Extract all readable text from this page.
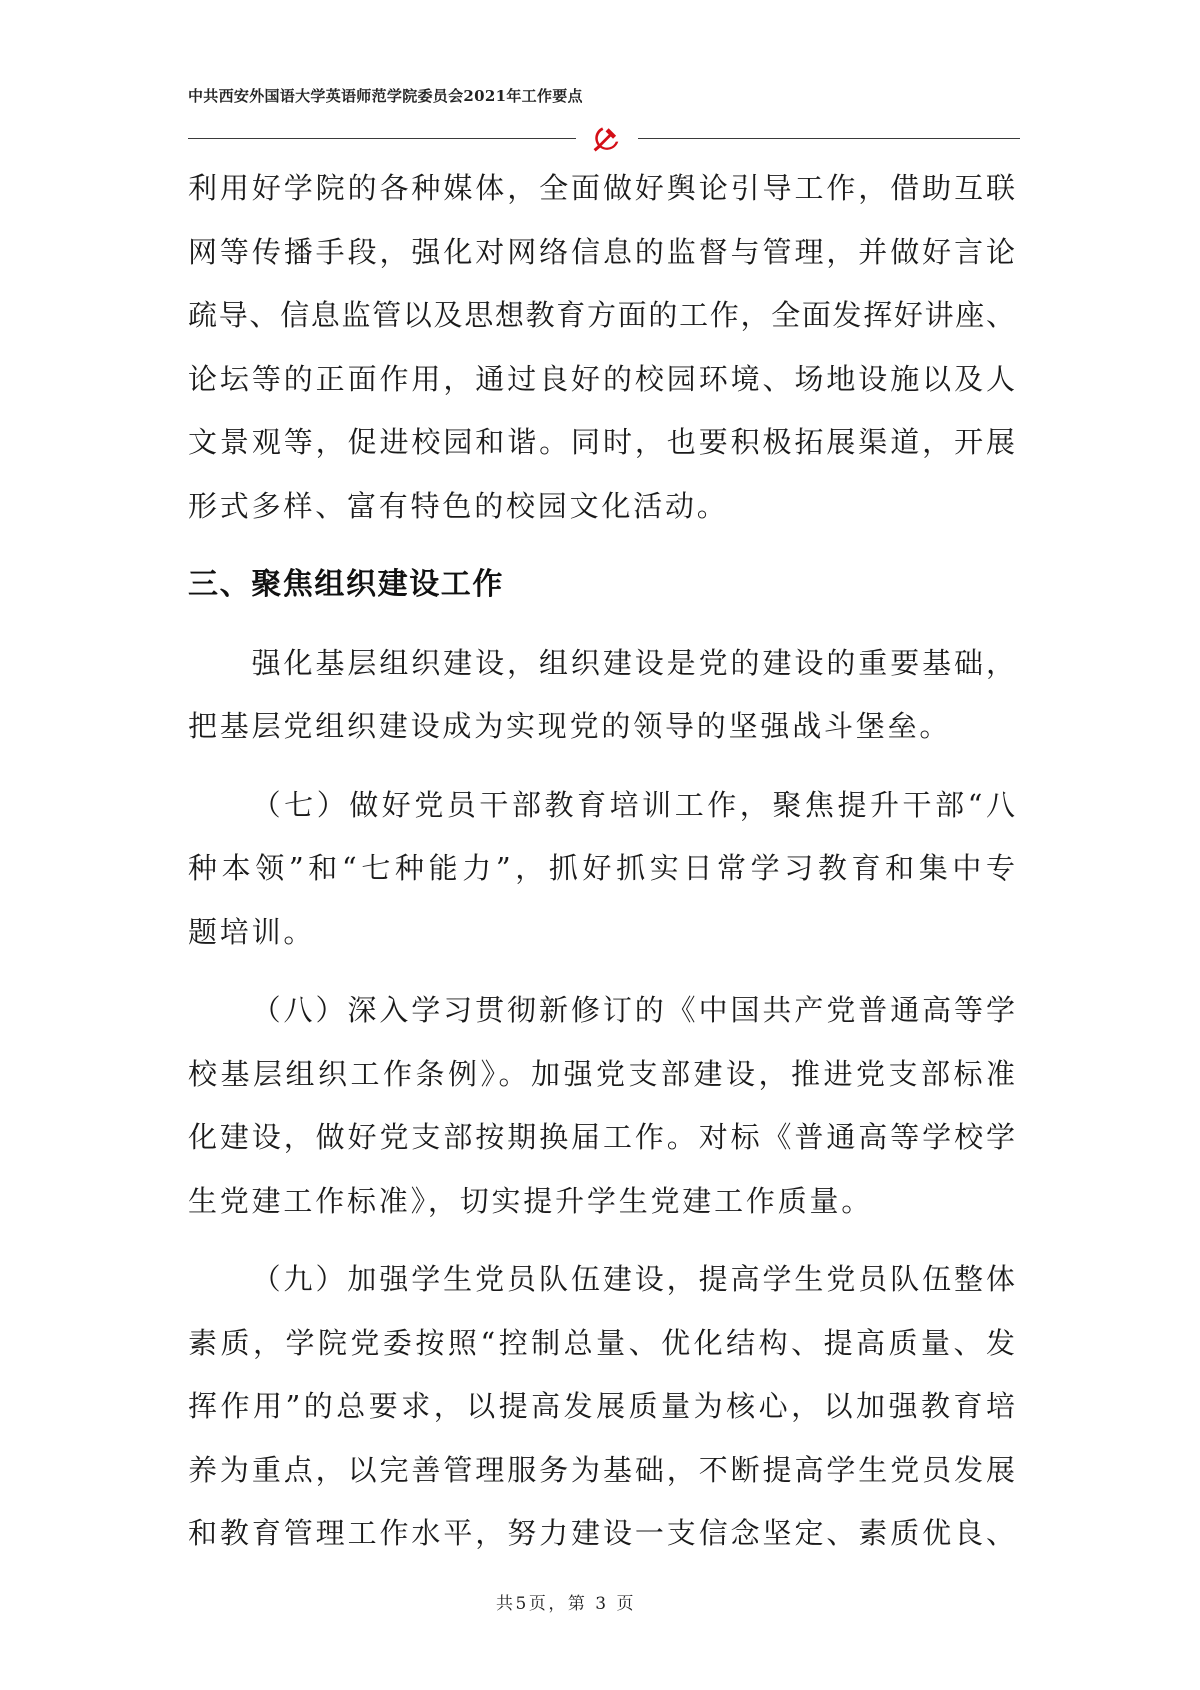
中共西安外国语大学英语师范学院委员会2021年工作要点
利用好学院的各种媒体，全面做好舆论引导工作，借助互联
网等传播手段，强化对网络信息的监督与管理，并做好言论
疏导、信息监管以及思想教育方面的工作，全面发挥好讲座、
论坛等的正面作用，通过良好的校园环境、场地设施以及人
文景观等，促进校园和谐。同时，也要积极拓展渠道，开展
形式多样、富有特色的校园文化活动。
三、聚焦组织建设工作
强化基层组织建设，组织建设是党的建设的重要基础，
把基层党组织建设成为实现党的领导的坚强战斗堡垒。
（七）做好党员干部教育培训工作，聚焦提升干部“八
种本领”和“七种能力”，抓好抓实日常学习教育和集中专
题培训。
（八）深入学习贯彻新修订的《中国共产党普通高等学
校基层组织工作条例》。加强党支部建设，推进党支部标准
化建设，做好党支部按期换届工作。对标《普通高等学校学
生党建工作标准》，切实提升学生党建工作质量。
（九）加强学生党员队伍建设，提高学生党员队伍整体
素质，学院党委按照“控制总量、优化结构、提高质量、发
挥作用”的总要求，以提高发展质量为核心，以加强教育培
养为重点，以完善管理服务为基础，不断提高学生党员发展
和教育管理工作水平，努力建设一支信念坚定、素质优良、
共5页，第 3 页
